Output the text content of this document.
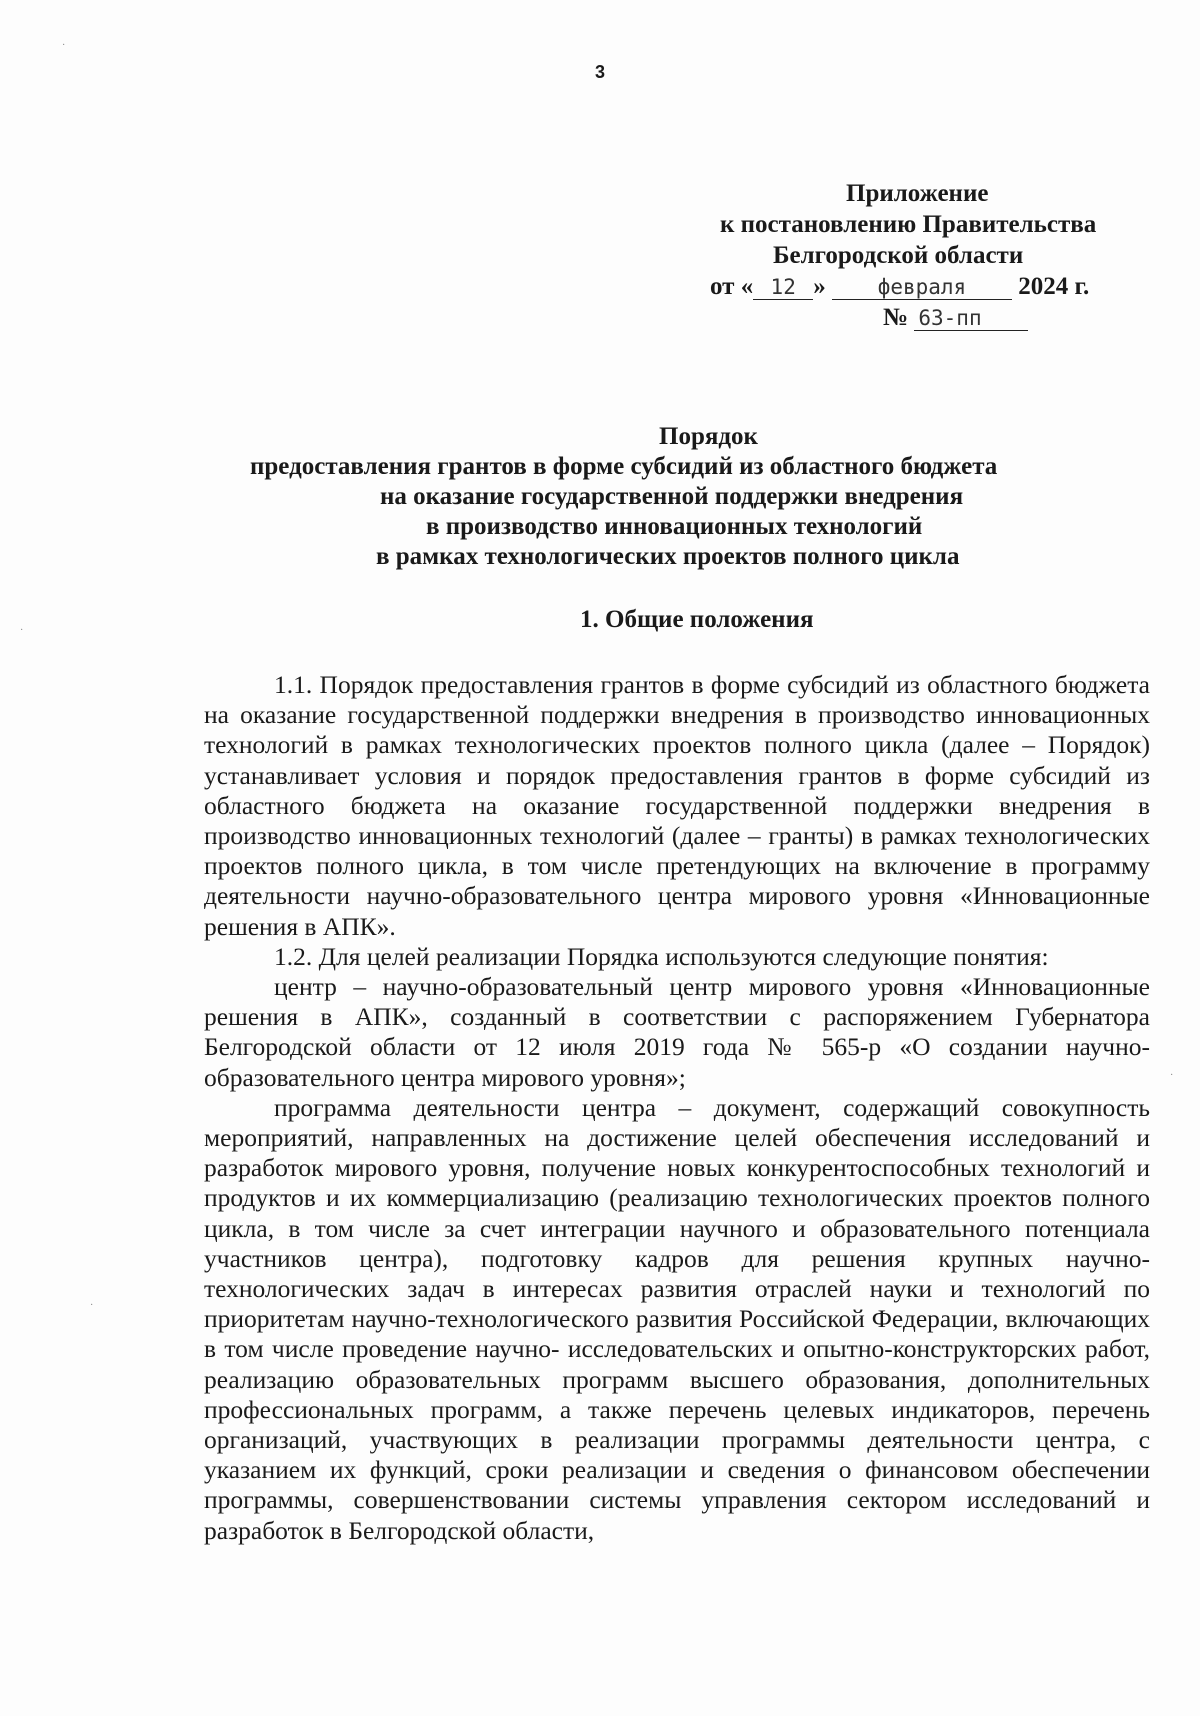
3
Приложение
к постановлению Правительства
Белгородской области
от « 12 » февраля 2024 г.
№ 63-пп
Порядок
предоставления грантов в форме субсидий из областного бюджета
на оказание государственной поддержки внедрения
в производство инновационных технологий
в рамках технологических проектов полного цикла
1. Общие положения

1.1. Порядок предоставления грантов в форме субсидий из областного бюджета на оказание государственной поддержки внедрения в производство инновационных технологий в рамках технологических проектов полного цикла (далее – Порядок) устанавливает условия и порядок предоставления грантов в форме субсидий из областного бюджета на оказание государственной поддержки внедрения в производство инновационных технологий (далее – гранты) в рамках технологических проектов полного цикла, в том числе претендующих на включение в программу деятельности научно-образовательного центра мирового уровня «Инновационные решения в АПК».

1.2. Для целей реализации Порядка используются следующие понятия:

центр – научно-образовательный центр мирового уровня «Инновационные решения в АПК», созданный в соответствии с распоряжением Губернатора Белгородской области от 12 июля 2019 года № 565-р «О создании научно-образовательного центра мирового уровня»;

программа деятельности центра – документ, содержащий совокупность мероприятий, направленных на достижение целей обеспечения исследований и разработок мирового уровня, получение новых конкурентоспособных технологий и продуктов и их коммерциализацию (реализацию технологических проектов полного цикла, в том числе за счет интеграции научного и образовательного потенциала участников центра), подготовку кадров для решения крупных научно-технологических задач в интересах развития отраслей науки и технологий по приоритетам научно-технологического развития Российской Федерации, включающих в том числе проведение научно- исследовательских и опытно-конструкторских работ, реализацию образовательных программ высшего образования, дополнительных профессиональных программ, а также перечень целевых индикаторов, перечень организаций, участвующих в реализации программы деятельности центра, с указанием их функций, сроки реализации и сведения о финансовом обеспечении программы, совершенствовании системы управления сектором исследований и разработок в Белгородской области,

·
·
·
·
